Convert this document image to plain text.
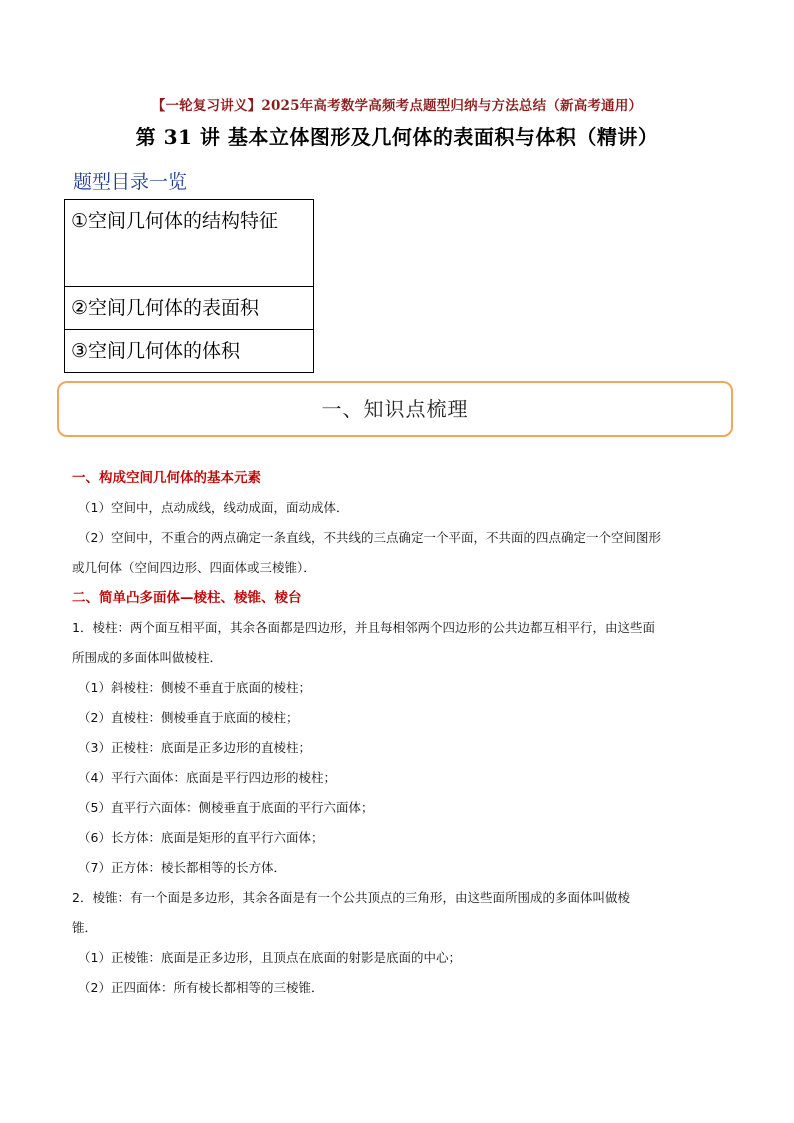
【一轮复习讲义】2025年高考数学高频考点题型归纳与方法总结（新高考通用）
第 31 讲 基本立体图形及几何体的表面积与体积（精讲）
题型目录一览
①空间几何体的结构特征
②空间几何体的表面积
③空间几何体的体积
一、知识点梳理
一、构成空间几何体的基本元素
（1）空间中，点动成线，线动成面，面动成体．
（2）空间中，不重合的两点确定一条直线，不共线的三点确定一个平面，不共面的四点确定一个空间图形
或几何体（空间四边形、四面体或三棱锥）．
二、简单凸多面体—棱柱、棱锥、棱台
1．棱柱：两个面互相平面，其余各面都是四边形，并且每相邻两个四边形的公共边都互相平行，由这些面
所围成的多面体叫做棱柱．
（1）斜棱柱：侧棱不垂直于底面的棱柱；
（2）直棱柱：侧棱垂直于底面的棱柱；
（3）正棱柱：底面是正多边形的直棱柱；
（4）平行六面体：底面是平行四边形的棱柱；
（5）直平行六面体：侧棱垂直于底面的平行六面体；
（6）长方体：底面是矩形的直平行六面体；
（7）正方体：棱长都相等的长方体．
2．棱锥：有一个面是多边形，其余各面是有一个公共顶点的三角形，由这些面所围成的多面体叫做棱
锥．
（1）正棱锥：底面是正多边形，且顶点在底面的射影是底面的中心；
（2）正四面体：所有棱长都相等的三棱锥．
